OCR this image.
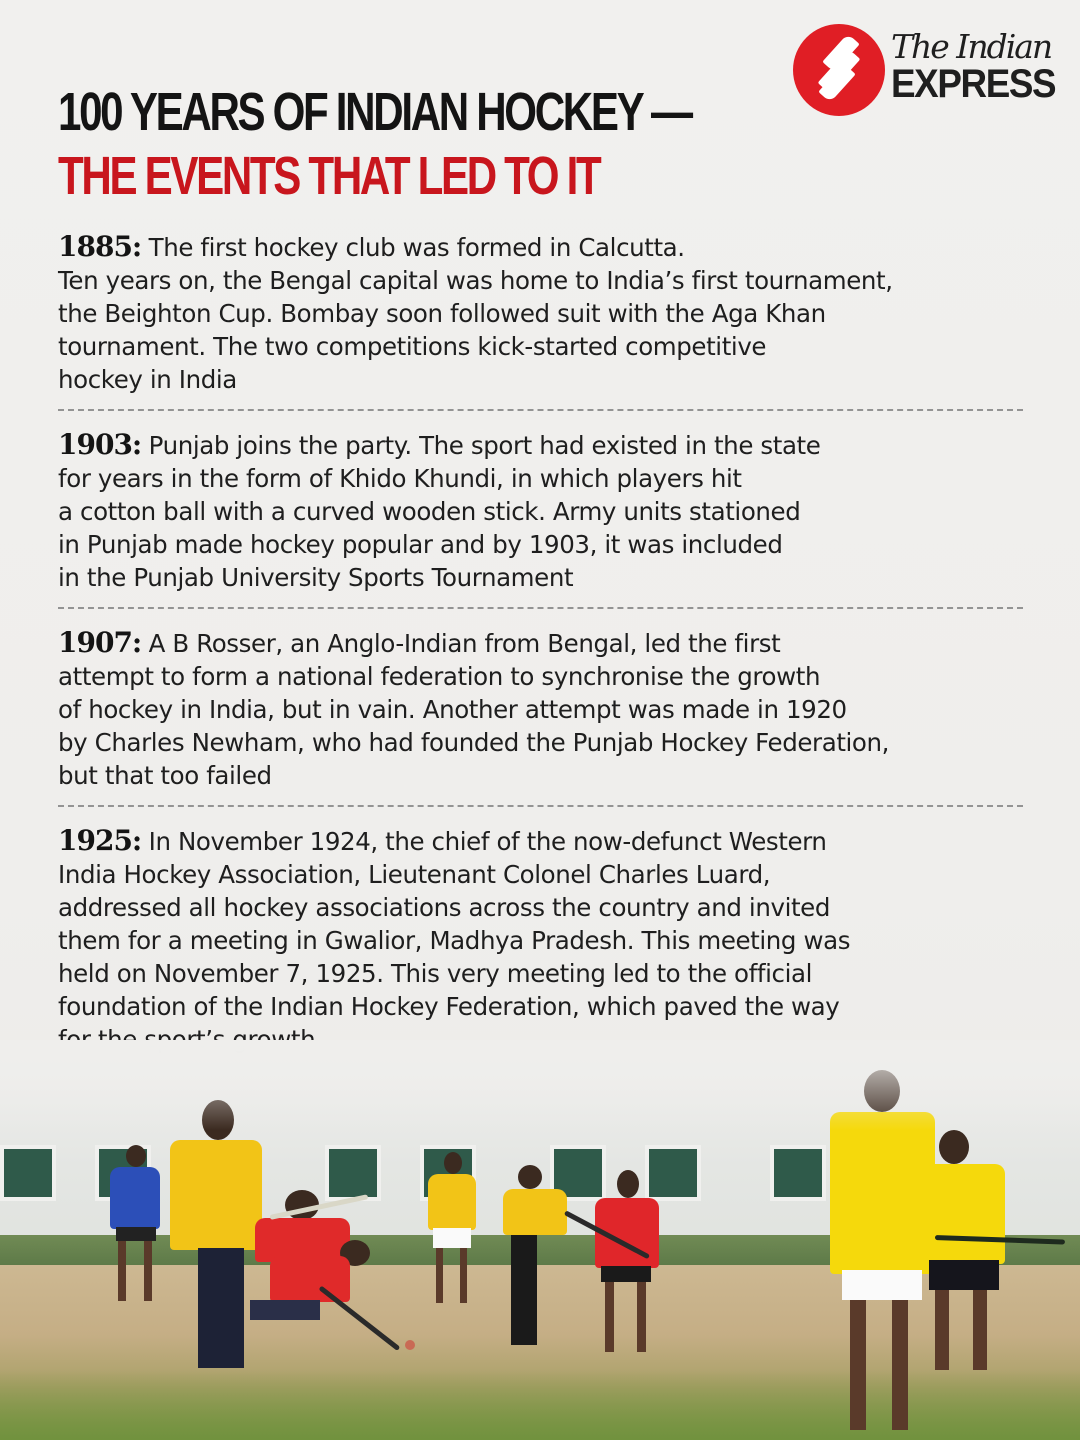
The Indian
EXPRESS
100 YEARS OF INDIAN HOCKEY —
THE EVENTS THAT LED TO IT
1885: The first hockey club was formed in Calcutta.
Ten years on, the Bengal capital was home to India’s first tournament,
the Beighton Cup. Bombay soon followed suit with the Aga Khan
tournament. The two competitions kick-started competitive
hockey in India
1903: Punjab joins the party. The sport had existed in the state
for years in the form of Khido Khundi, in which players hit
a cotton ball with a curved wooden stick. Army units stationed
in Punjab made hockey popular and by 1903, it was included
in the Punjab University Sports Tournament
1907: A B Rosser, an Anglo-Indian from Bengal, led the first
attempt to form a national federation to synchronise the growth
of hockey in India, but in vain. Another attempt was made in 1920
by Charles Newham, who had founded the Punjab Hockey Federation,
but that too failed
1925: In November 1924, the chief of the now-defunct Western
India Hockey Association, Lieutenant Colonel Charles Luard,
addressed all hockey associations across the country and invited
them for a meeting in Gwalior, Madhya Pradesh. This meeting was
held on November 7, 1925. This very meeting led to the official
foundation of the Indian Hockey Federation, which paved the way
